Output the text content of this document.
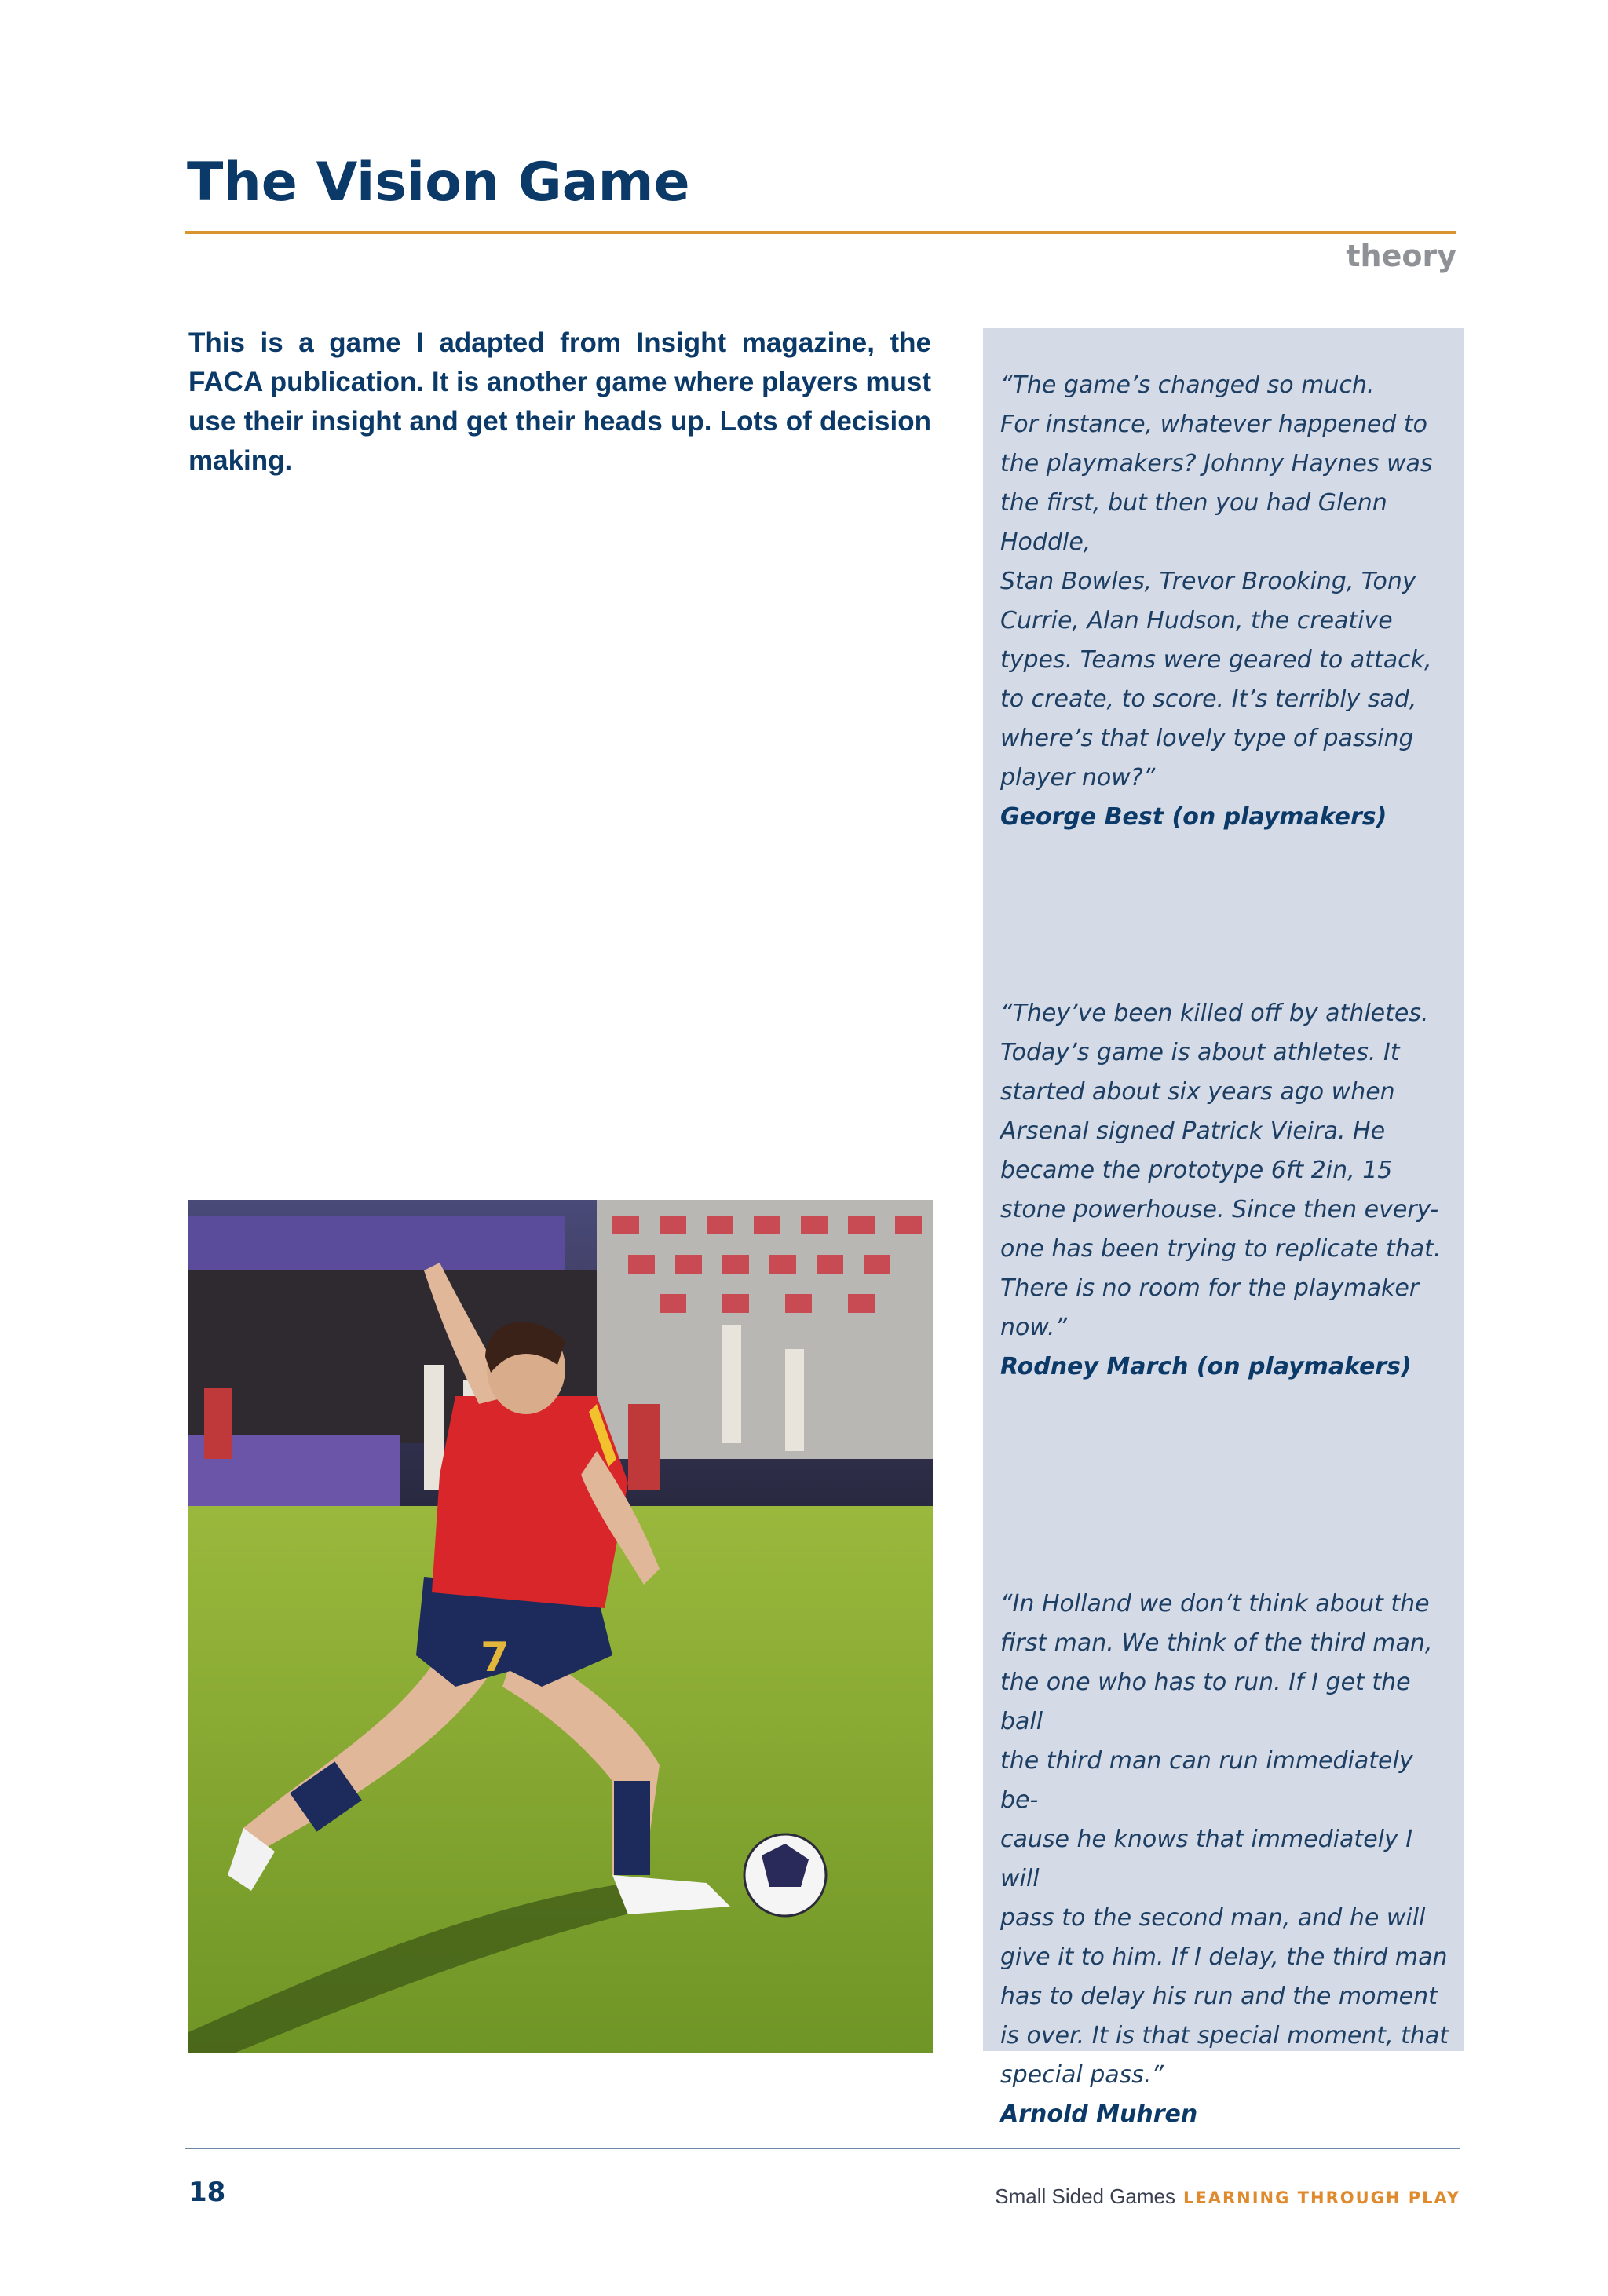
The Vision Game
theory

This is a game I adapted from Insight magazine, the FACA publication. It is another game where players must use their insight and get their heads up. Lots of decision making.

7
“The game’s changed so much.
For instance, whatever happened to
the playmakers? Johnny Haynes was
the first, but then you had Glenn Hoddle,
Stan Bowles, Trevor Brooking, Tony
Currie, Alan Hudson, the creative
types. Teams were geared to attack,
to create, to score. It’s terribly sad,
where’s that lovely type of passing
player now?”
George Best (on playmakers)
“They’ve been killed off by athletes.
Today’s game is about athletes. It
started about six years ago when
Arsenal signed Patrick Vieira. He
became the prototype 6ft 2in, 15
stone powerhouse. Since then every-
one has been trying to replicate that.
There is no room for the playmaker
now.”
Rodney March (on playmakers)
“In Holland we don’t think about the
first man. We think of the third man,
the one who has to run. If I get the ball
the third man can run immediately be-
cause he knows that immediately I will
pass to the second man, and he will
give it to him. If I delay, the third man
has to delay his run and the moment
is over. It is that special moment, that
special pass.”
Arnold Muhren
18	Small Sided Games LEARNING THROUGH PLAY
